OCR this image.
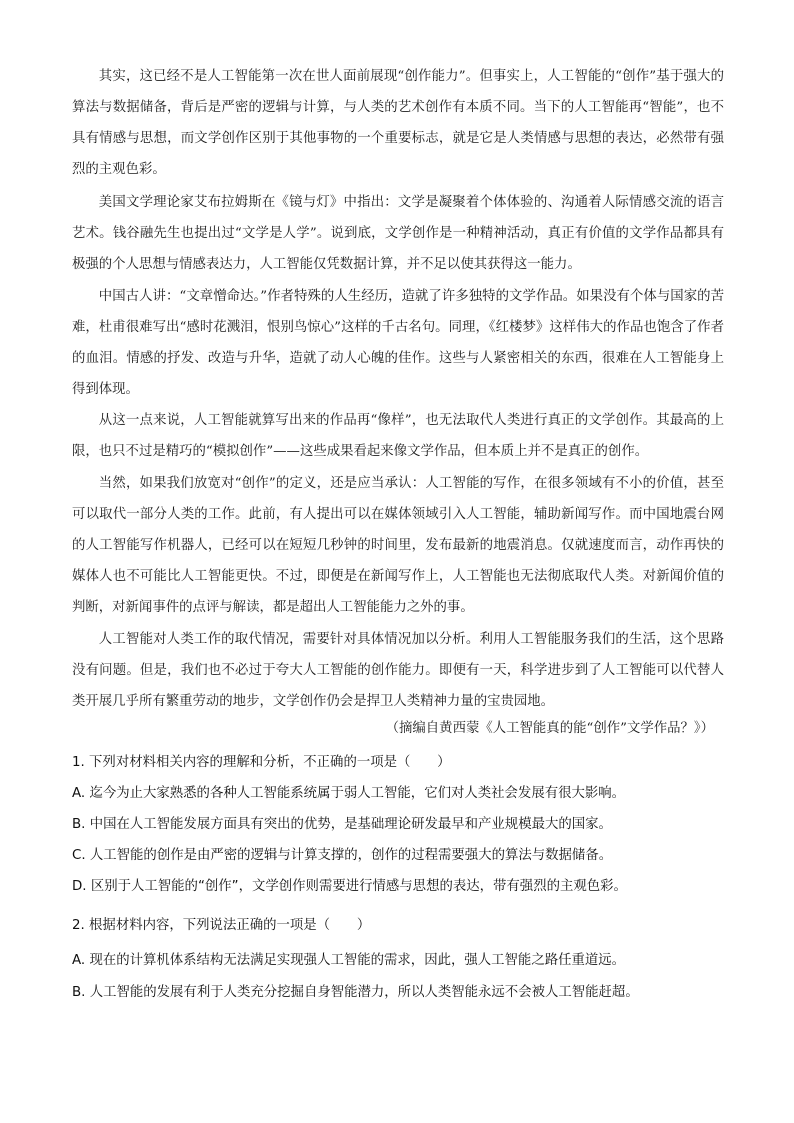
其实，这已经不是人工智能第一次在世人面前展现“创作能力”。但事实上，人工智能的“创作”基于强大的算法与数据储备，背后是严密的逻辑与计算，与人类的艺术创作有本质不同。当下的人工智能再“智能”，也不具有情感与思想，而文学创作区别于其他事物的一个重要标志，就是它是人类情感与思想的表达，必然带有强烈的主观色彩。

美国文学理论家艾布拉姆斯在《镜与灯》中指出：文学是凝聚着个体体验的、沟通着人际情感交流的语言艺术。钱谷融先生也提出过“文学是人学”。说到底，文学创作是一种精神活动，真正有价值的文学作品都具有极强的个人思想与情感表达力，人工智能仅凭数据计算，并不足以使其获得这一能力。

中国古人讲：“文章憎命达。”作者特殊的人生经历，造就了许多独特的文学作品。如果没有个体与国家的苦难，杜甫很难写出“感时花溅泪，恨别鸟惊心”这样的千古名句。同理，《红楼梦》这样伟大的作品也饱含了作者的血泪。情感的抒发、改造与升华，造就了动人心魄的佳作。这些与人紧密相关的东西，很难在人工智能身上得到体现。

从这一点来说，人工智能就算写出来的作品再“像样”，也无法取代人类进行真正的文学创作。其最高的上限，也只不过是精巧的“模拟创作”——这些成果看起来像文学作品，但本质上并不是真正的创作。

当然，如果我们放宽对“创作”的定义，还是应当承认：人工智能的写作，在很多领域有不小的价值，甚至可以取代一部分人类的工作。此前，有人提出可以在媒体领域引入人工智能，辅助新闻写作。而中国地震台网的人工智能写作机器人，已经可以在短短几秒钟的时间里，发布最新的地震消息。仅就速度而言，动作再快的媒体人也不可能比人工智能更快。不过，即便是在新闻写作上，人工智能也无法彻底取代人类。对新闻价值的判断，对新闻事件的点评与解读，都是超出人工智能能力之外的事。

人工智能对人类工作的取代情况，需要针对具体情况加以分析。利用人工智能服务我们的生活，这个思路没有问题。但是，我们也不必过于夸大人工智能的创作能力。即便有一天，科学进步到了人工智能可以代替人类开展几乎所有繁重劳动的地步，文学创作仍会是捍卫人类精神力量的宝贵园地。

（摘编自黄西蒙《人工智能真的能“创作”文学作品？》）

1. 下列对材料相关内容的理解和分析，不正确的一项是（　　）

A. 迄今为止大家熟悉的各种人工智能系统属于弱人工智能，它们对人类社会发展有很大影响。

B. 中国在人工智能发展方面具有突出的优势，是基础理论研发最早和产业规模最大的国家。

C. 人工智能的创作是由严密的逻辑与计算支撑的，创作的过程需要强大的算法与数据储备。

D. 区别于人工智能的“创作”，文学创作则需要进行情感与思想的表达，带有强烈的主观色彩。

2. 根据材料内容，下列说法正确的一项是（　　）

A. 现在的计算机体系结构无法满足实现强人工智能的需求，因此，强人工智能之路任重道远。

B. 人工智能的发展有利于人类充分挖掘自身智能潜力，所以人类智能永远不会被人工智能赶超。
